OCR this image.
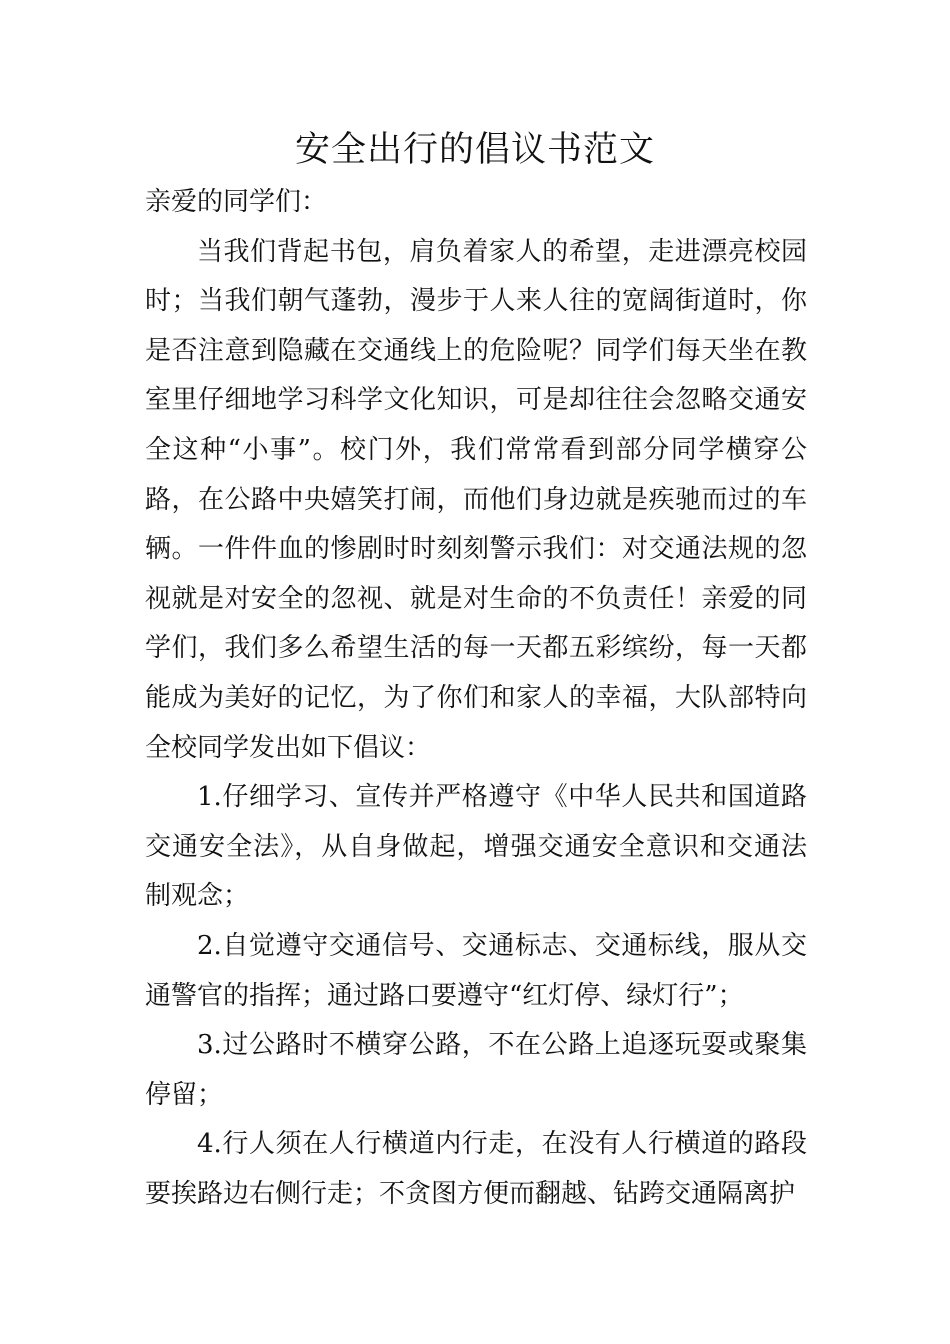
安全出行的倡议书范文

亲爱的同学们：

当我们背起书包，肩负着家人的希望，走进漂亮校园时；当我们朝气蓬勃，漫步于人来人往的宽阔街道时，你是否注意到隐藏在交通线上的危险呢？同学们每天坐在教室里仔细地学习科学文化知识，可是却往往会忽略交通安全这种“小事”。校门外，我们常常看到部分同学横穿公路，在公路中央嬉笑打闹，而他们身边就是疾驰而过的车辆。一件件血的惨剧时时刻刻警示我们：对交通法规的忽视就是对安全的忽视、就是对生命的不负责任！亲爱的同学们，我们多么希望生活的每一天都五彩缤纷，每一天都能成为美好的记忆，为了你们和家人的幸福，大队部特向全校同学发出如下倡议：

1.仔细学习、宣传并严格遵守《中华人民共和国道路交通安全法》，从自身做起，增强交通安全意识和交通法制观念；

2.自觉遵守交通信号、交通标志、交通标线，服从交通警官的指挥；通过路口要遵守“红灯停、绿灯行”；

3.过公路时不横穿公路，不在公路上追逐玩耍或聚集停留；

4.行人须在人行横道内行走，在没有人行横道的路段要挨路边右侧行走；不贪图方便而翻越、钻跨交通隔离护
